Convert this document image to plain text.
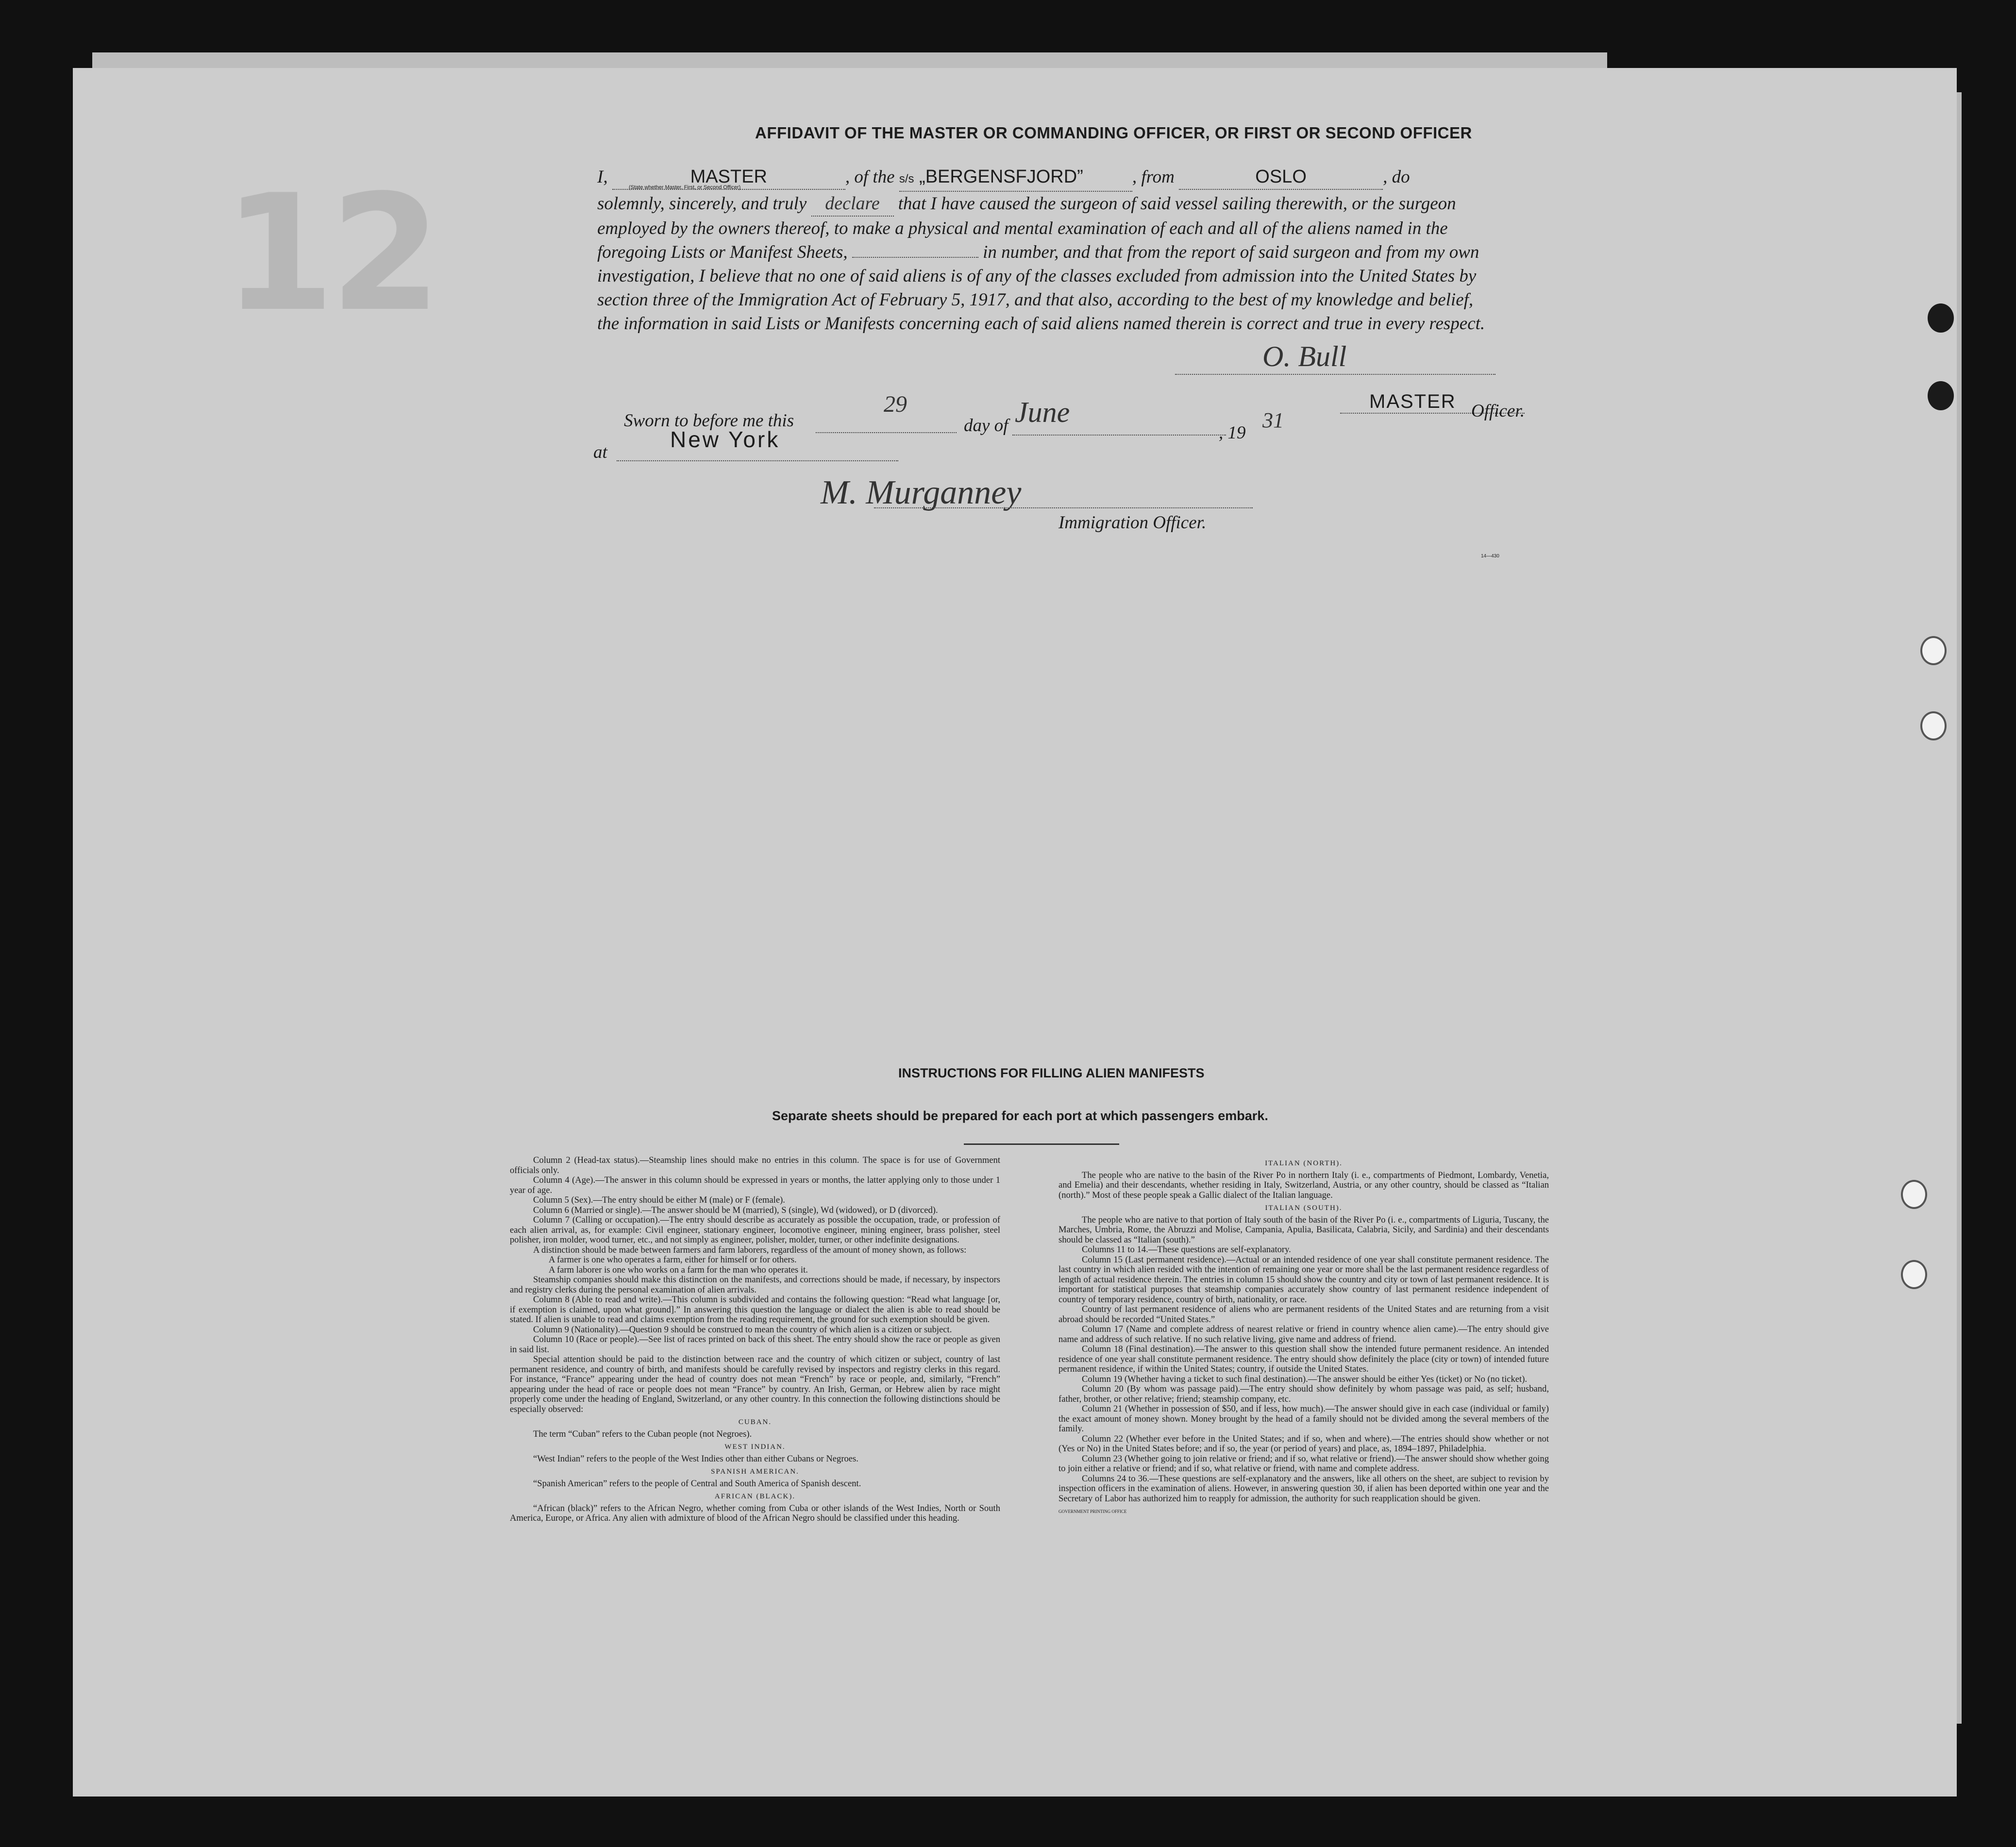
12
AFFIDAVIT OF THE MASTER OR COMMANDING OFFICER, OR FIRST OR SECOND OFFICER
I,	MASTER	, of the s/s „BERGENSFJORD”	, from	OSLO	, do
solemnly, sincerely, and truly declare that I have caused the surgeon of said vessel sailing therewith, or the surgeon
employed by the owners thereof, to make a physical and mental examination of each and all of the aliens named in the
foregoing Lists or Manifest Sheets,	in number, and that from the report of said surgeon and from my own
investigation, I believe that no one of said aliens is of any of the classes excluded from admission into the United States by
section three of the Immigration Act of February 5, 1917, and that also, according to the best of my knowledge and belief,
the information in said Lists or Manifests concerning each of said aliens named therein is correct and true in every respect.
(State whether Master, First, or Second Officer)
O. Bull
MASTER Officer.
Sworn to before me this
29
day of June
, 19
31
at
New York
M. Murganney
Immigration Officer.
14—430
INSTRUCTIONS FOR FILLING ALIEN MANIFESTS
Separate sheets should be prepared for each port at which passengers embark.

Column 2 (Head-tax status).—Steamship lines should make no entries in this column. The space is for use of Government officials only.

Column 4 (Age).—The answer in this column should be expressed in years or months, the latter applying only to those under 1 year of age.

Column 5 (Sex).—The entry should be either M (male) or F (female).

Column 6 (Married or single).—The answer should be M (married), S (single), Wd (widowed), or D (divorced).

Column 7 (Calling or occupation).—The entry should describe as accurately as possible the occupation, trade, or profession of each alien arrival, as, for example: Civil engineer, stationary engineer, locomotive engineer, mining engineer, brass polisher, steel polisher, iron molder, wood turner, etc., and not simply as engineer, polisher, molder, turner, or other indefinite designations.

A distinction should be made between farmers and farm laborers, regardless of the amount of money shown, as follows:

A farmer is one who operates a farm, either for himself or for others.

A farm laborer is one who works on a farm for the man who operates it.

Steamship companies should make this distinction on the manifests, and corrections should be made, if necessary, by inspectors and registry clerks during the personal examination of alien arrivals.

Column 8 (Able to read and write).—This column is subdivided and contains the following question: “Read what language [or, if exemption is claimed, upon what ground].” In answering this question the language or dialect the alien is able to read should be stated. If alien is unable to read and claims exemption from the reading requirement, the ground for such exemption should be given.

Column 9 (Nationality).—Question 9 should be construed to mean the country of which alien is a citizen or subject.

Column 10 (Race or people).—See list of races printed on back of this sheet. The entry should show the race or people as given in said list.

Special attention should be paid to the distinction between race and the country of which citizen or subject, country of last permanent residence, and country of birth, and manifests should be carefully revised by inspectors and registry clerks in this regard. For instance, “France” appearing under the head of country does not mean “French” by race or people, and, similarly, “French” appearing under the head of race or people does not mean “France” by country. An Irish, German, or Hebrew alien by race might properly come under the heading of England, Switzerland, or any other country. In this connection the following distinctions should be especially observed:

CUBAN.

The term “Cuban” refers to the Cuban people (not Negroes).

WEST INDIAN.

“West Indian” refers to the people of the West Indies other than either Cubans or Negroes.

SPANISH AMERICAN.

“Spanish American” refers to the people of Central and South America of Spanish descent.

AFRICAN (BLACK).

“African (black)” refers to the African Negro, whether coming from Cuba or other islands of the West Indies, North or South America, Europe, or Africa. Any alien with admixture of blood of the African Negro should be classified under this heading.

ITALIAN (NORTH).

The people who are native to the basin of the River Po in northern Italy (i. e., compartments of Piedmont, Lombardy, Venetia, and Emelia) and their descendants, whether residing in Italy, Switzerland, Austria, or any other country, should be classed as “Italian (north).” Most of these people speak a Gallic dialect of the Italian language.

ITALIAN (SOUTH).

The people who are native to that portion of Italy south of the basin of the River Po (i. e., compartments of Liguria, Tuscany, the Marches, Umbria, Rome, the Abruzzi and Molise, Campania, Apulia, Basilicata, Calabria, Sicily, and Sardinia) and their descendants should be classed as “Italian (south).”

Columns 11 to 14.—These questions are self-explanatory.

Column 15 (Last permanent residence).—Actual or an intended residence of one year shall constitute permanent residence. The last country in which alien resided with the intention of remaining one year or more shall be the last permanent residence regardless of length of actual residence therein. The entries in column 15 should show the country and city or town of last permanent residence. It is important for statistical purposes that steamship companies accurately show country of last permanent residence independent of country of temporary residence, country of birth, nationality, or race.

Country of last permanent residence of aliens who are permanent residents of the United States and are returning from a visit abroad should be recorded “United States.”

Column 17 (Name and complete address of nearest relative or friend in country whence alien came).—The entry should give name and address of such relative. If no such relative living, give name and address of friend.

Column 18 (Final destination).—The answer to this question shall show the intended future permanent residence. An intended residence of one year shall constitute permanent residence. The entry should show definitely the place (city or town) of intended future permanent residence, if within the United States; country, if outside the United States.

Column 19 (Whether having a ticket to such final destination).—The answer should be either Yes (ticket) or No (no ticket).

Column 20 (By whom was passage paid).—The entry should show definitely by whom passage was paid, as self; husband, father, brother, or other relative; friend; steamship company, etc.

Column 21 (Whether in possession of $50, and if less, how much).—The answer should give in each case (individual or family) the exact amount of money shown. Money brought by the head of a family should not be divided among the several members of the family.

Column 22 (Whether ever before in the United States; and if so, when and where).—The entries should show whether or not (Yes or No) in the United States before; and if so, the year (or period of years) and place, as, 1894–1897, Philadelphia.

Column 23 (Whether going to join relative or friend; and if so, what relative or friend).—The answer should show whether going to join either a relative or friend; and if so, what relative or friend, with name and complete address.

Columns 24 to 36.—These questions are self-explanatory and the answers, like all others on the sheet, are subject to revision by inspection officers in the examination of aliens. However, in answering question 30, if alien has been deported within one year and the Secretary of Labor has authorized him to reapply for admission, the authority for such reapplication should be given.

GOVERNMENT PRINTING OFFICE
